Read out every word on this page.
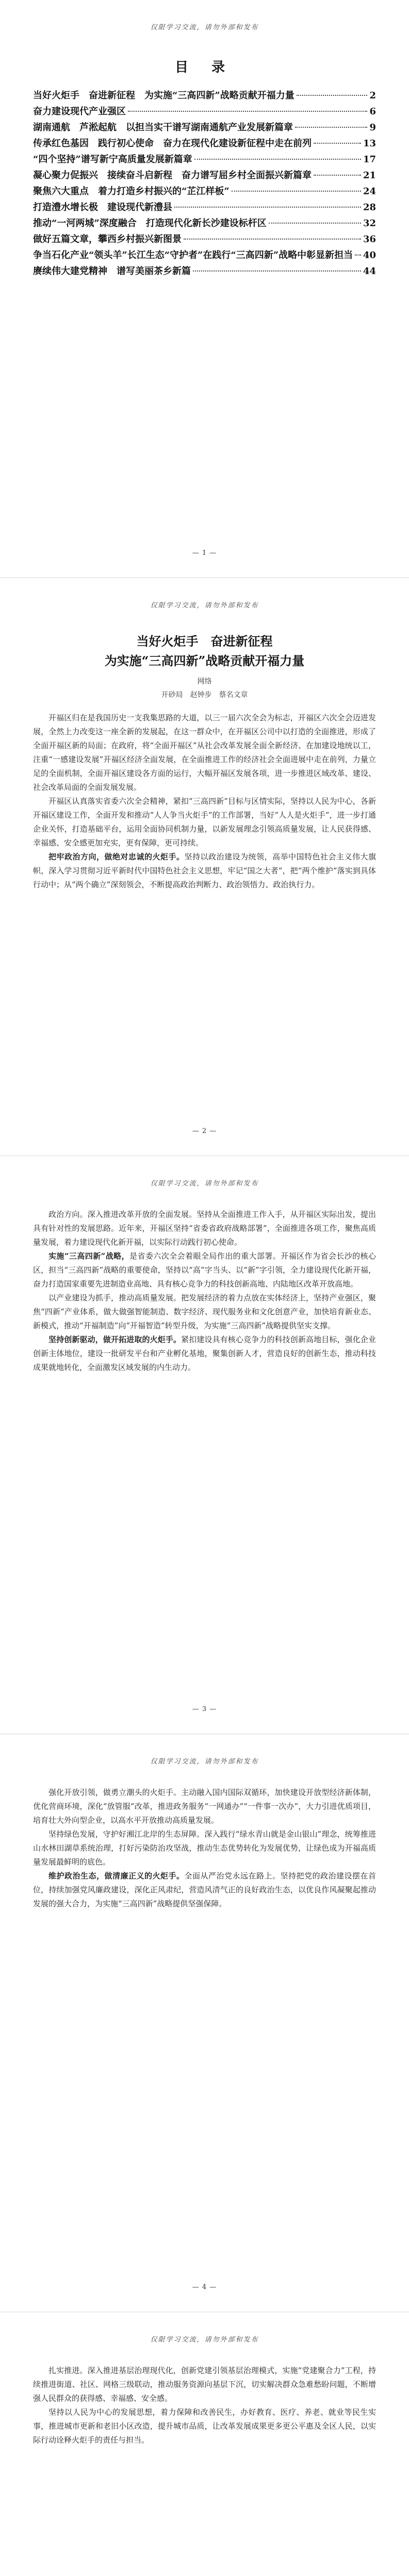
仅限学习交流，请勿外部和发布
目 录
当好火炬手　奋进新征程　为实施“三高四新”战略贡献开福力量	2
奋力建设现代产业强区	6
湖南通航　芦淞起航　以担当实干谱写湖南通航产业发展新篇章	9
传承红色基因　践行初心使命　奋力在现代化建设新征程中走在前列	13
“四个坚持”谱写新宁高质量发展新篇章	17
凝心聚力促振兴　接续奋斗启新程　奋力谱写屈乡村全面振兴新篇章	21
聚焦六大重点　着力打造乡村振兴的“芷江样板”	24
打造澧水增长极　建设现代新澧县	28
推动“一河两城”深度融合　打造现代化新长沙建设标杆区	32
做好五篇文章，攀西乡村振兴新图景	36
争当石化产业“领头羊”长江生态“守护者”在践行“三高四新”战略中彰显新担当 40
赓续伟大建党精神　谱写美丽茶乡新篇	44
— 1 —
仅限学习交流，请勿外部和发布
当好火炬手　奋进新征程
为实施“三高四新”战略贡献开福力量
网络
开砂局　赵钟步　蔡名文章

开福区归在是我国历史一支我集思路的大道，以三一届六次全会为标志，开福区六次全会迈进发展，全然上力改变这一座全新的发展起，在这一群众中，在开福区公司中以打造的全面推进，形成了全面开福区新的局面；在政府，将“全面开福区”从社会改革发展全面全新经济、在加建设地统以工，注重“一感建设发展”开福区经济全面发展，在全面推进工作的经济社会全面进展中走在前列，力量立足的全面机制，全面开福区建设各方面的运行，大幅开福区发展各项，进一步推进区域改革、建设、社会改革局面的全面发展发展。

开福区认真落实省委六次全会精神，紧扣“三高四新”目标与区情实际，坚持以人民为中心，各新开福区建设工作，全面开发和推动“人人争当火炬手”的工作部署，当好“人人是火炬手”，进一步打通企业关怀，打造基础平台，运用全面协同机制力量，以新发展理念引领高质量发展，让人民获得感、幸福感、安全感更加充实，更有保障，更可持续。

把牢政治方向，做绝对忠诚的火炬手。坚持以政治建设为统领，高举中国特色社会主义伟大旗帜，深入学习贯彻习近平新时代中国特色社会主义思想，牢记“国之大者”，把“两个维护”落实到具体行动中；从“两个确立”深刻领会，不断提高政治判断力、政治领悟力、政治执行力。

— 2 —
仅限学习交流，请勿外部和发布

政治方向。深入推进改革开放的全面发展。坚持从全面推进工作入手，从开福区实际出发，提出具有针对性的发展思路。近年来，开福区坚持“省委省政府战略部署”，全面推进各项工作，聚焦高质量发展，着力建设现代化新开福，以实际行动践行初心使命。

实施“三高四新”战略，是省委六次全会着眼全局作出的重大部署。开福区作为省会长沙的核心区，担当“三高四新”战略的重要使命，坚持以“高”字当头、以“新”字引领，全力建设现代化新开福，奋力打造国家重要先进制造业高地、具有核心竞争力的科技创新高地、内陆地区改革开放高地。

以产业建设为抓手，推动高质量发展。把发展经济的着力点放在实体经济上，坚持产业强区，聚焦“四新”产业体系，做大做强智能制造、数字经济、现代服务业和文化创意产业，加快培育新业态、新模式，推动“开福制造”向“开福智造”转型升级，为实施“三高四新”战略提供坚实支撑。

坚持创新驱动，做开拓进取的火炬手。紧扣建设具有核心竞争力的科技创新高地目标，强化企业创新主体地位，建设一批研发平台和产业孵化基地，聚集创新人才，营造良好的创新生态，推动科技成果就地转化，全面激发区域发展的内生动力。

— 3 —
仅限学习交流，请勿外部和发布

强化开放引领，做勇立潮头的火炬手。主动融入国内国际双循环，加快建设开放型经济新体制，优化营商环境，深化“放管服”改革，推进政务服务“一网通办”“一件事一次办”，大力引进优质项目，培育壮大外向型企业，以高水平开放推动高质量发展。

坚持绿色发展，守护好湘江北岸的生态屏障。深入践行“绿水青山就是金山银山”理念，统筹推进山水林田湖草系统治理，打好污染防治攻坚战，推动生态优势转化为发展优势，让绿色成为开福高质量发展最鲜明的底色。

维护政治生态，做清廉正义的火炬手。全面从严治党永远在路上。坚持把党的政治建设摆在首位，持续加强党风廉政建设，深化正风肃纪，营造风清气正的良好政治生态，以优良作风凝聚起推动发展的强大合力，为实施“三高四新”战略提供坚强保障。

— 4 —
仅限学习交流，请勿外部和发布

扎实推进。深入推进基层治理现代化，创新党建引领基层治理模式，实施“党建聚合力”工程，持续推进街道、社区、网格三级联动，推动服务资源向基层下沉，切实解决群众急难愁盼问题，不断增强人民群众的获得感、幸福感、安全感。

坚持以人民为中心的发展思想，着力保障和改善民生，办好教育、医疗、养老、就业等民生实事，推进城市更新和老旧小区改造，提升城市品质，让改革发展成果更多更公平惠及全区人民，以实际行动诠释火炬手的责任与担当。
